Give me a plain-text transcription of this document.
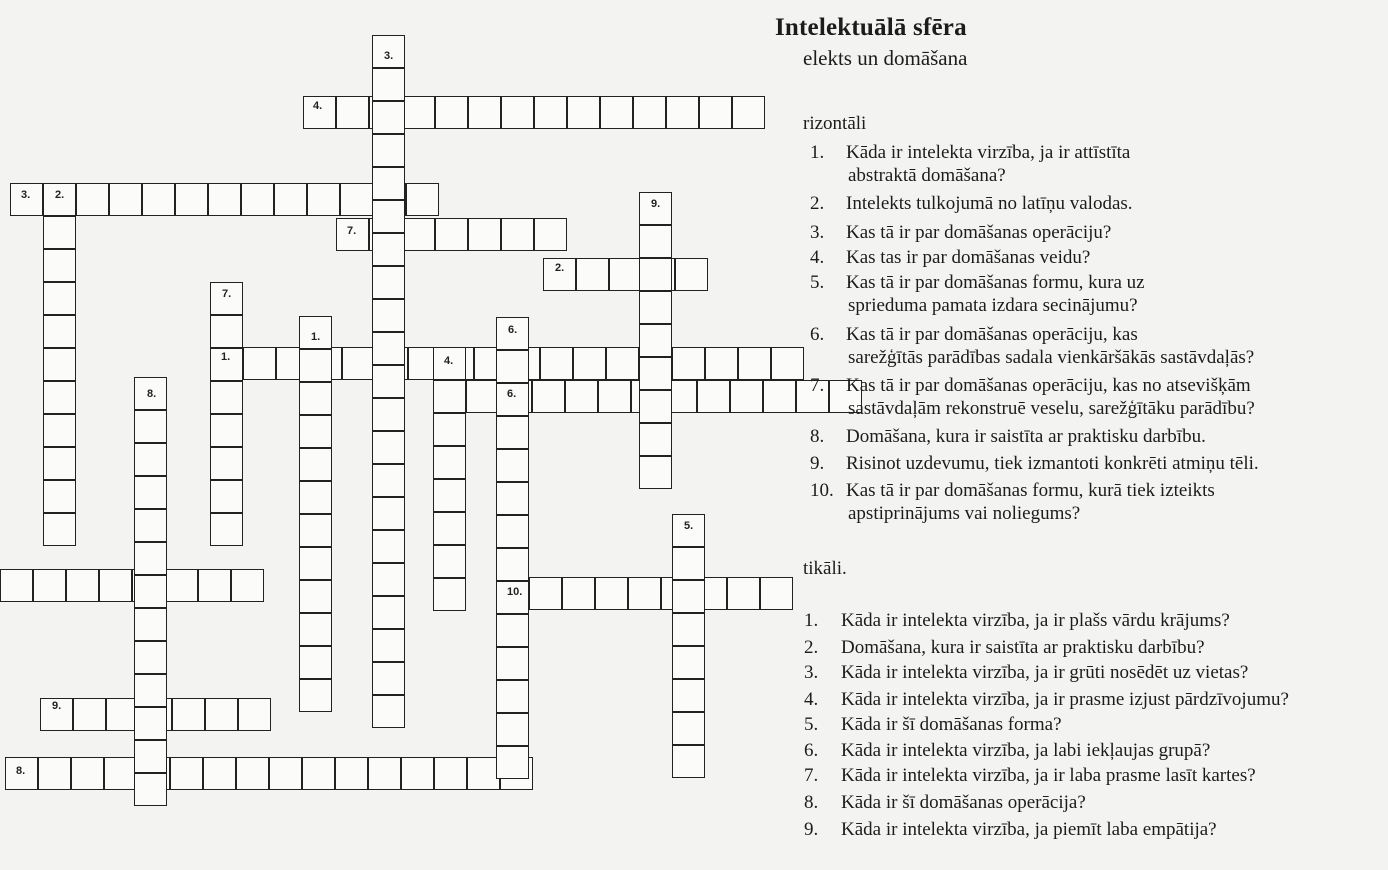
3.
4.
3. 2.
9.
7.
2.
7.
1.
6.
1.	4.
8.	6.
5.
10.
9.
8.
Intelektuālā sfēra
elekts un domāšana
rizontāli
1. Kāda ir intelekta virzība, ja ir attīstīta
abstraktā domāšana?
2. Intelekts tulkojumā no latīņu valodas.
3. Kas tā ir par domāšanas operāciju?
4. Kas tas ir par domāšanas veidu?
5. Kas tā ir par domāšanas formu, kura uz
sprieduma pamata izdara secinājumu?
6. Kas tā ir par domāšanas operāciju, kas
sarežģītās parādības sadala vienkāršākās sastāvdaļās?
7. Kas tā ir par domāšanas operāciju, kas no atsevišķām
sastāvdaļām rekonstruē veselu, sarežģītāku parādību?
8. Domāšana, kura ir saistīta ar praktisku darbību.
9. Risinot uzdevumu, tiek izmantoti konkrēti atmiņu tēli.
10. Kas tā ir par domāšanas formu, kurā tiek izteikts
apstiprinājums vai noliegums?
tikāli.
1. Kāda ir intelekta virzība, ja ir plašs vārdu krājums?
2. Domāšana, kura ir saistīta ar praktisku darbību?
3. Kāda ir intelekta virzība, ja ir grūti nosēdēt uz vietas?
4. Kāda ir intelekta virzība, ja ir prasme izjust pārdzīvojumu?
5. Kāda ir šī domāšanas forma?
6. Kāda ir intelekta virzība, ja labi iekļaujas grupā?
7. Kāda ir intelekta virzība, ja ir laba prasme lasīt kartes?
8. Kāda ir šī domāšanas operācija?
9. Kāda ir intelekta virzība, ja piemīt laba empātija?
